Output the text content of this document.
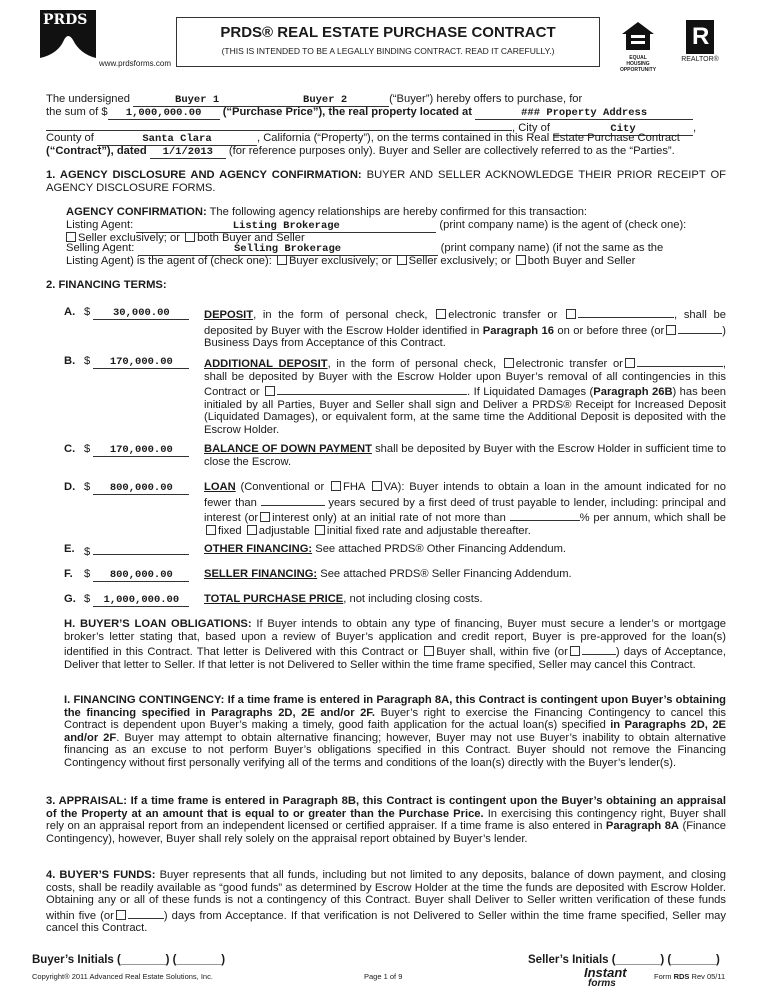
PRDS
www.prdsforms.com
PRDS® REAL ESTATE PURCHASE CONTRACT
(THIS IS INTENDED TO BE A LEGALLY BINDING CONTRACT. READ IT CAREFULLY.)
EQUAL HOUSING OPPORTUNITY
R
REALTOR®
The undersigned	Buyer 1	Buyer 2	(“Buyer”) hereby offers to purchase, for
the sum of $ 1,000,000.00 (“Purchase Price”), the real property located at	### Property Address
, City of	City	,
County of	Santa Clara	, California (“Property”), on the terms contained in this Real Estate Purchase Contract
(“Contract”), dated 1/1/2013 (for reference purposes only). Buyer and Seller are collectively referred to as the “Parties”.
1. AGENCY DISCLOSURE AND AGENCY CONFIRMATION: BUYER AND SELLER ACKNOWLEDGE THEIR PRIOR RECEIPT OF AGENCY DISCLOSURE FORMS.
AGENCY CONFIRMATION: The following agency relationships are hereby confirmed for this transaction:
Listing Agent:	Listing Brokerage	(print company name) is the agent of (check one):
Seller exclusively; or both Buyer and Seller
Selling Agent:	Selling Brokerage	(print company name) (if not the same as the
Listing Agent) is the agent of (check one): Buyer exclusively; or Seller exclusively; or both Buyer and Seller
2. FINANCING TERMS:
A. $ 30,000.00	DEPOSIT, in the form of personal check, electronic transfer or	, shall be deposited by Buyer with the Escrow Holder identified in Paragraph 16 on or before three (or	) Business Days from Acceptance of this Contract.
B. $ 170,000.00	ADDITIONAL DEPOSIT, in the form of personal check, electronic transfer or	, shall be deposited by Buyer with the Escrow Holder upon Buyer’s removal of all contingencies in this Contract or	. If Liquidated Damages (Paragraph 26B) has been initialed by all Parties, Buyer and Seller shall sign and Deliver a PRDS® Receipt for Increased Deposit (Liquidated Damages), or equivalent form, at the same time the Additional Deposit is deposited with the Escrow Holder.
C. $ 170,000.00	BALANCE OF DOWN PAYMENT shall be deposited by Buyer with the Escrow Holder in sufficient time to close the Escrow.
D. $ 800,000.00	LOAN (Conventional or FHA VA): Buyer intends to obtain a loan in the amount indicated for no fewer than	years secured by a first deed of trust payable to lender, including: principal and interest (or interest only) at an initial rate of not more than	% per annum, which shall be fixed adjustable initial fixed rate and adjustable thereafter.
E. $	OTHER FINANCING: See attached PRDS® Other Financing Addendum.
F. $ 800,000.00	SELLER FINANCING: See attached PRDS® Seller Financing Addendum.
G. $ 1,000,000.00	TOTAL PURCHASE PRICE, not including closing costs.
H. BUYER’S LOAN OBLIGATIONS: If Buyer intends to obtain any type of financing, Buyer must secure a lender’s or mortgage broker’s letter stating that, based upon a review of Buyer’s application and credit report, Buyer is pre-approved for the loan(s) identified in this Contract. That letter is Delivered with this Contract or Buyer shall, within five (or	) days of Acceptance, Deliver that letter to Seller. If that letter is not Delivered to Seller within the time frame specified, Seller may cancel this Contract.
I. FINANCING CONTINGENCY: If a time frame is entered in Paragraph 8A, this Contract is contingent upon Buyer’s obtaining the financing specified in Paragraphs 2D, 2E and/or 2F. Buyer’s right to exercise the Financing Contingency to cancel this Contract is dependent upon Buyer’s making a timely, good faith application for the actual loan(s) specified in Paragraphs 2D, 2E and/or 2F. Buyer may attempt to obtain alternative financing; however, Buyer may not use Buyer’s inability to obtain alternative financing as an excuse to not perform Buyer’s obligations specified in this Contract. Buyer should not remove the Financing Contingency without first personally verifying all of the terms and conditions of the loan(s) directly with the Buyer’s lender(s).
3. APPRAISAL: If a time frame is entered in Paragraph 8B, this Contract is contingent upon the Buyer’s obtaining an appraisal of the Property at an amount that is equal to or greater than the Purchase Price. In exercising this contingency right, Buyer shall rely on an appraisal report from an independent licensed or certified appraiser. If a time frame is also entered in Paragraph 8A (Finance Contingency), however, Buyer shall rely solely on the appraisal report obtained by Buyer’s lender.
4. BUYER’S FUNDS: Buyer represents that all funds, including but not limited to any deposits, balance of down payment, and closing costs, shall be readily available as “good funds” as determined by Escrow Holder at the time the funds are deposited with Escrow Holder. Obtaining any or all of these funds is not a contingency of this Contract. Buyer shall Deliver to Seller written verification of these funds within five (or	) days from Acceptance. If that verification is not Delivered to Seller within the time frame specified, Seller may cancel this Contract.
Buyer’s Initials (_______) (_______)	Seller’s Initials (_______) (_______)
Copyright® 2011 Advanced Real Estate Solutions, Inc.	Page 1 of 9	Instant
forms
Form RDS Rev 05/11
